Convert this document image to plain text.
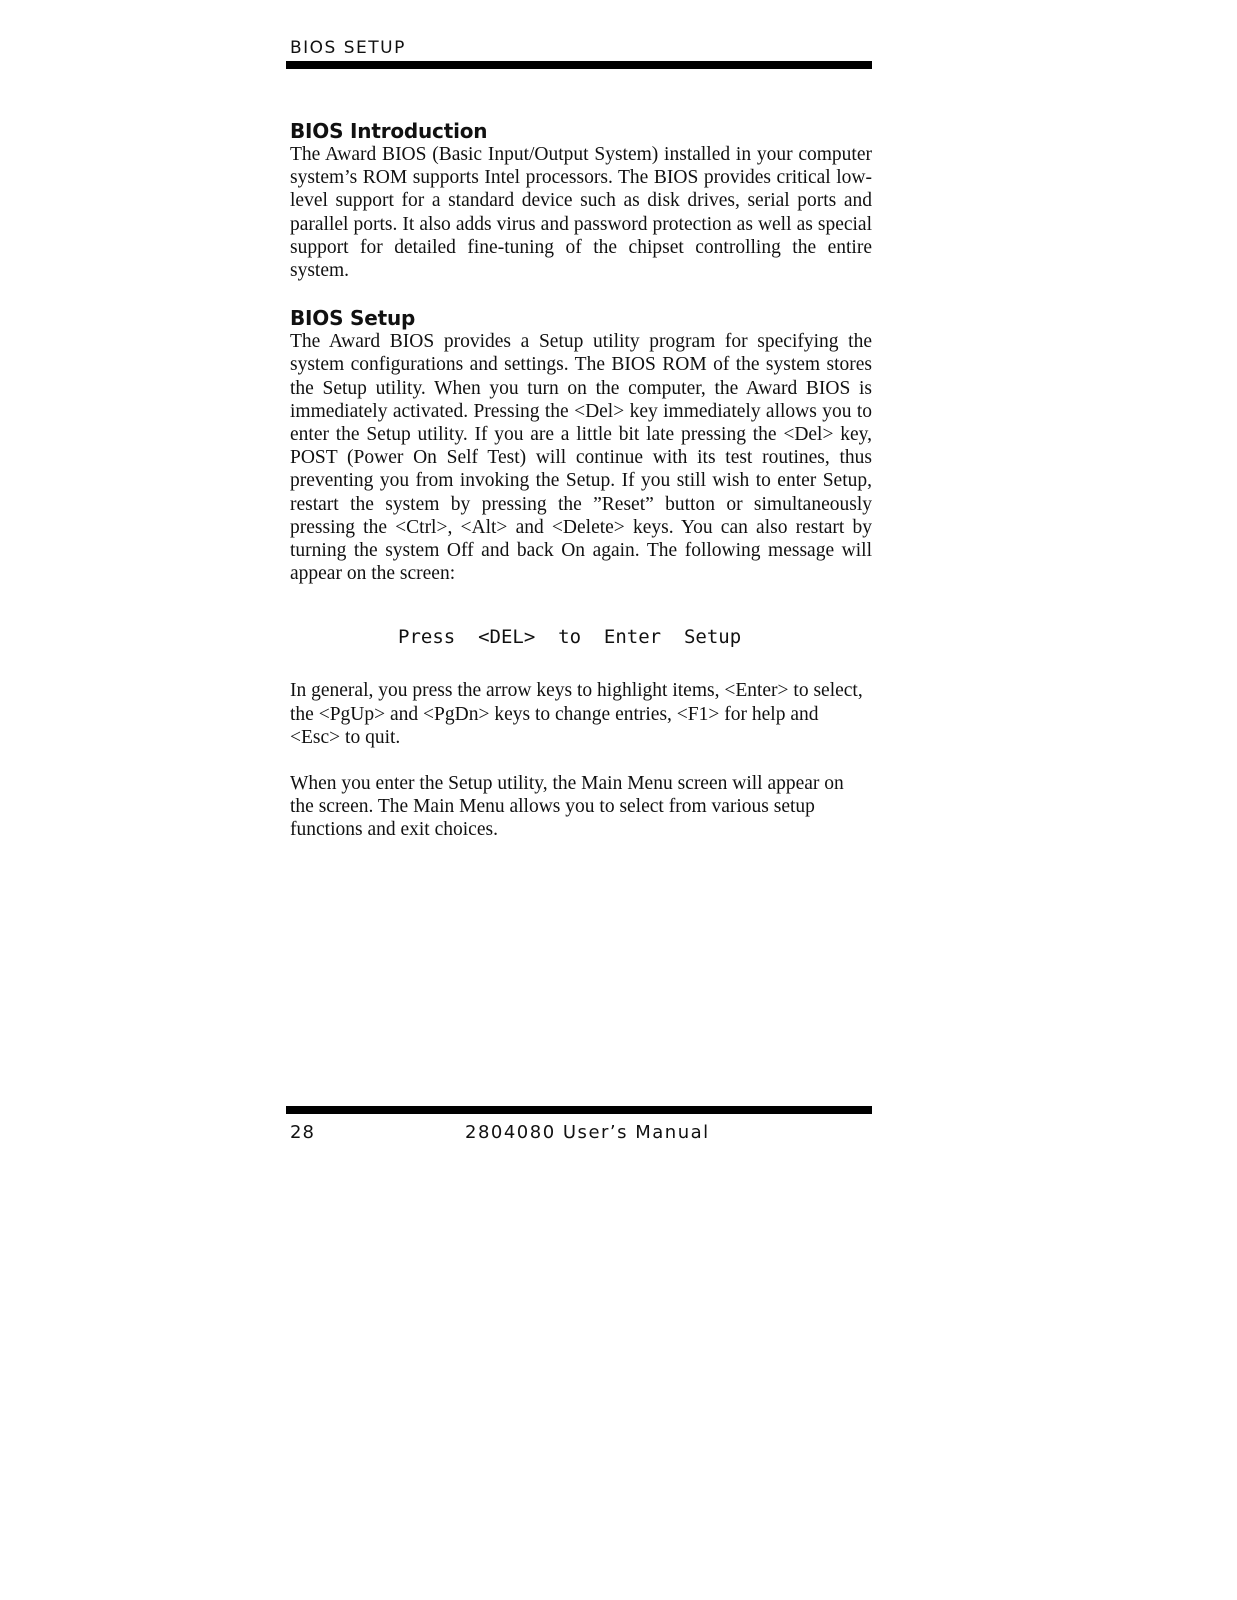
BIOS SETUP
BIOS Introduction

The Award BIOS (Basic Input/Output System) installed in your computer system’s ROM supports Intel processors. The BIOS provides critical low-level support for a standard device such as disk drives, serial ports and parallel ports. It also adds virus and password protection as well as special support for detailed fine-tuning of the chipset controlling the entire system.

BIOS Setup

The Award BIOS provides a Setup utility program for specifying the system configurations and settings. The BIOS ROM of the system stores the Setup utility. When you turn on the computer, the Award BIOS is immediately activated. Pressing the <Del> key immediately allows you to enter the Setup utility. If you are a little bit late pressing the <Del> key, POST (Power On Self Test) will continue with its test routines, thus preventing you from invoking the Setup. If you still wish to enter Setup, restart the system by pressing the ”Reset” button or simultaneously pressing the <Ctrl>, <Alt> and <Delete> keys. You can also restart by turning the system Off and back On again. The following message will appear on the screen:

Press  <DEL>  to  Enter  Setup

In general, you press the arrow keys to highlight items, <Enter> to select, the <PgUp> and <PgDn> keys to change entries, <F1> for help and <Esc> to quit.

When you enter the Setup utility, the Main Menu screen will appear on the screen. The Main Menu allows you to select from various setup functions and exit choices.

28	2804080 User’s Manual
